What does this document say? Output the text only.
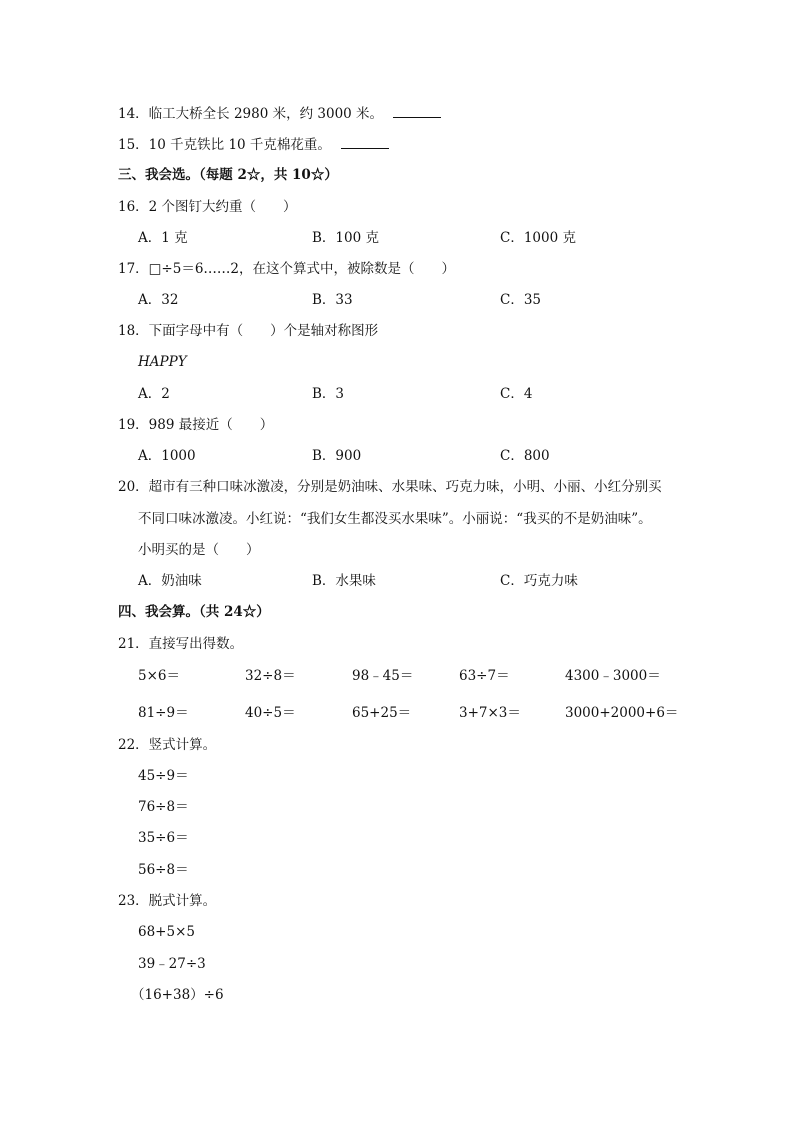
14．临工大桥全长 2980 米，约 3000 米。
15．10 千克铁比 10 千克棉花重。
三、我会选。（每题 2☆，共 10☆）
16．2 个图钉大约重（　　）
A．1 克	B．100 克	C．1000 克
17．□÷5＝6……2，在这个算式中，被除数是（　　）
A．32	B．33	C．35
18．下面字母中有（　　）个是轴对称图形
HAPPY
A．2	B．3	C．4
19．989 最接近（　　）
A．1000	B．900	C．800
20．超市有三种口味冰激凌，分别是奶油味、水果味、巧克力味，小明、小丽、小红分别买
不同口味冰激凌。小红说：“我们女生都没买水果味”。小丽说：“我买的不是奶油味”。
小明买的是（　　）
A．奶油味	B．水果味	C．巧克力味
四、我会算。（共 24☆）
21．直接写出得数。
5×6＝	32÷8＝	98﹣45＝	63÷7＝	4300﹣3000＝
81÷9＝	40÷5＝	65+25＝	3+7×3＝	3000+2000+6＝
22．竖式计算。
45÷9＝
76÷8＝
35÷6＝
56÷8＝
23．脱式计算。
68+5×5
39﹣27÷3
（16+38）÷6
